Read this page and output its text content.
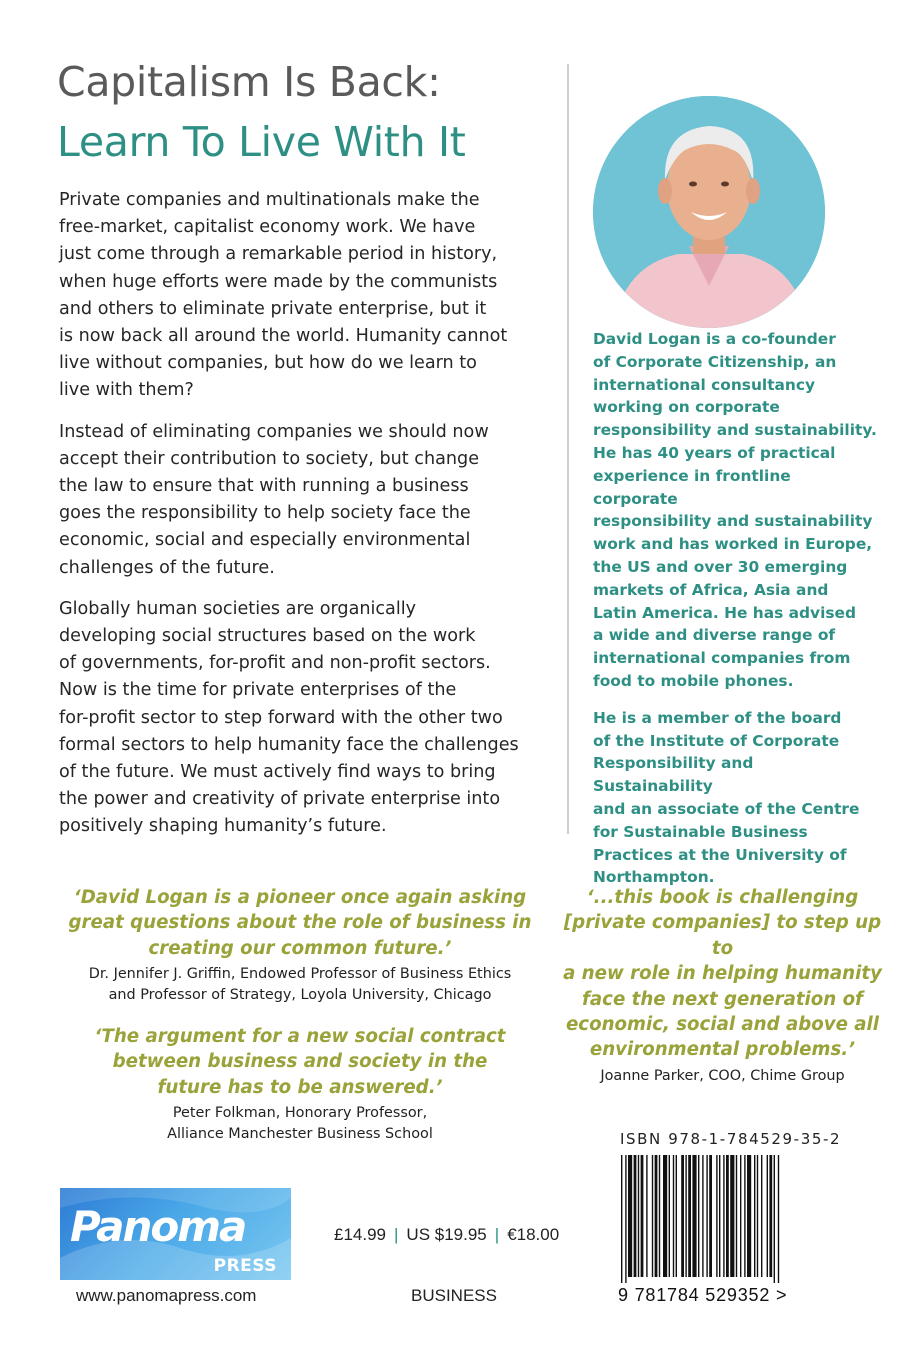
Capitalism Is Back:
Learn To Live With It

Private companies and multinationals make the
free-market, capitalist economy work. We have
just come through a remarkable period in history,
when huge efforts were made by the communists
and others to eliminate private enterprise, but it
is now back all around the world. Humanity cannot
live without companies, but how do we learn to
live with them?

Instead of eliminating companies we should now
accept their contribution to society, but change
the law to ensure that with running a business
goes the responsibility to help society face the
economic, social and especially environmental
challenges of the future.

Globally human societies are organically
developing social structures based on the work
of governments, for-profit and non-profit sectors.
Now is the time for private enterprises of the
for-profit sector to step forward with the other two
formal sectors to help humanity face the challenges
of the future. We must actively find ways to bring
the power and creativity of private enterprise into
positively shaping humanity’s future.

David Logan is a co-founder
of Corporate Citizenship, an
international consultancy
working on corporate
responsibility and sustainability.
He has 40 years of practical
experience in frontline corporate
responsibility and sustainability
work and has worked in Europe,
the US and over 30 emerging
markets of Africa, Asia and
Latin America. He has advised
a wide and diverse range of
international companies from
food to mobile phones.

He is a member of the board
of the Institute of Corporate
Responsibility and Sustainability
and an associate of the Centre
for Sustainable Business
Practices at the University of
Northampton.

‘David Logan is a pioneer once again asking
great questions about the role of business in
creating our common future.’
Dr. Jennifer J. Griffin, Endowed Professor of Business Ethics
and Professor of Strategy, Loyola University, Chicago
‘The argument for a new social contract
between business and society in the
future has to be answered.’
Peter Folkman, Honorary Professor,
Alliance Manchester Business School
‘...this book is challenging
[private companies] to step up to
a new role in helping humanity
face the next generation of
economic, social and above all
environmental problems.’
Joanne Parker, COO, Chime Group
ISBN 978-1-784529-35-2
9 781784 529352 >
Panoma
PRESS
www.panomapress.com
£14.99 | US $19.95 | €18.00
BUSINESS
